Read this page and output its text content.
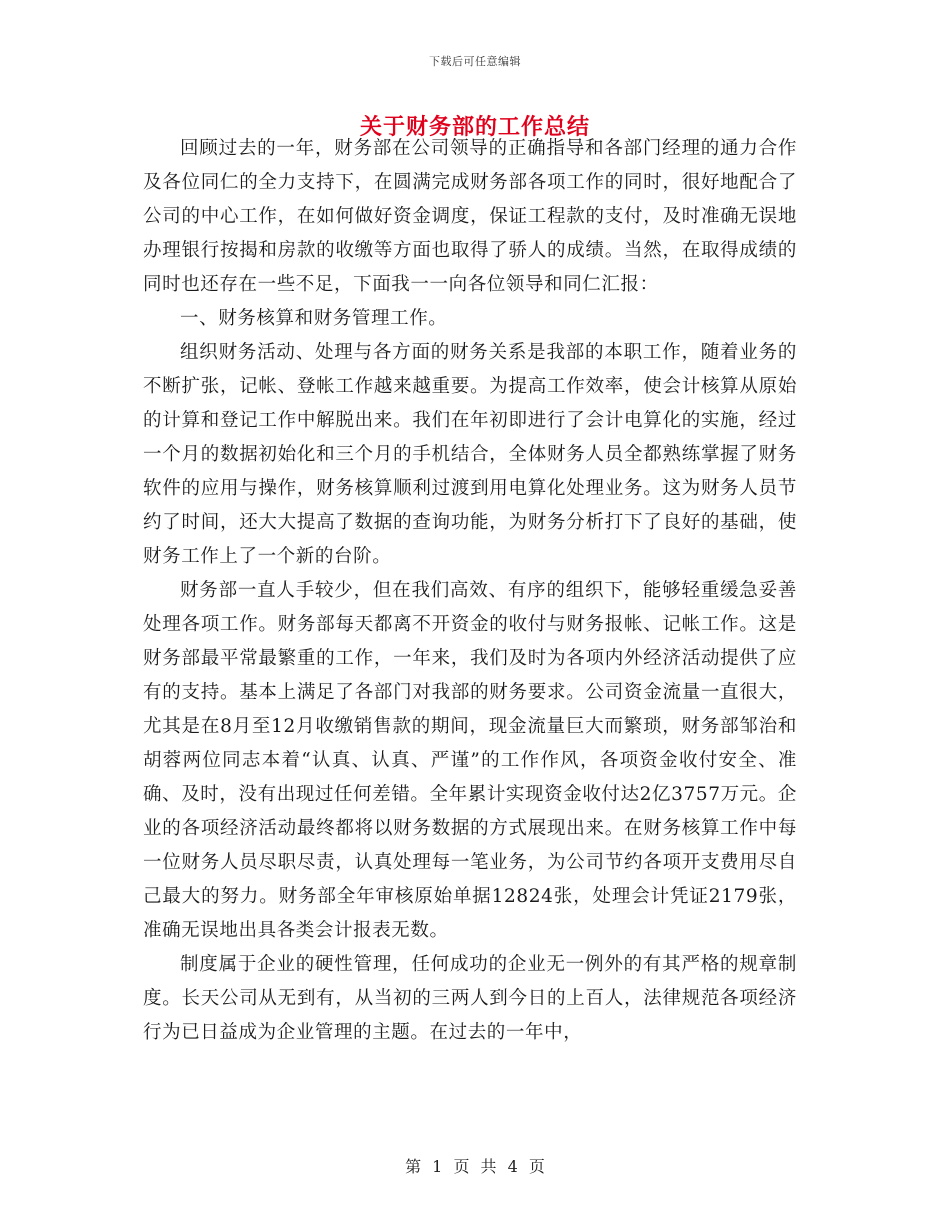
下载后可任意编辑
关于财务部的工作总结

回顾过去的一年，财务部在公司领导的正确指导和各部门经理的通力合作及各位同仁的全力支持下，在圆满完成财务部各项工作的同时，很好地配合了公司的中心工作，在如何做好资金调度，保证工程款的支付，及时准确无误地办理银行按揭和房款的收缴等方面也取得了骄人的成绩。当然，在取得成绩的同时也还存在一些不足，下面我一一向各位领导和同仁汇报：

一、财务核算和财务管理工作。

组织财务活动、处理与各方面的财务关系是我部的本职工作，随着业务的不断扩张，记帐、登帐工作越来越重要。为提高工作效率，使会计核算从原始的计算和登记工作中解脱出来。我们在年初即进行了会计电算化的实施，经过一个月的数据初始化和三个月的手机结合，全体财务人员全都熟练掌握了财务软件的应用与操作，财务核算顺利过渡到用电算化处理业务。这为财务人员节约了时间，还大大提高了数据的查询功能，为财务分析打下了良好的基础，使财务工作上了一个新的台阶。

财务部一直人手较少，但在我们高效、有序的组织下，能够轻重缓急妥善处理各项工作。财务部每天都离不开资金的收付与财务报帐、记帐工作。这是财务部最平常最繁重的工作，一年来，我们及时为各项内外经济活动提供了应有的支持。基本上满足了各部门对我部的财务要求。公司资金流量一直很大，尤其是在8月至12月收缴销售款的期间，现金流量巨大而繁琐，财务部邹治和胡蓉两位同志本着“认真、认真、严谨”的工作作风，各项资金收付安全、准确、及时，没有出现过任何差错。全年累计实现资金收付达2亿3757万元。企业的各项经济活动最终都将以财务数据的方式展现出来。在财务核算工作中每一位财务人员尽职尽责，认真处理每一笔业务，为公司节约各项开支费用尽自己最大的努力。财务部全年审核原始单据12824张，处理会计凭证2179张，准确无误地出具各类会计报表无数。

制度属于企业的硬性管理，任何成功的企业无一例外的有其严格的规章制度。长天公司从无到有，从当初的三两人到今日的上百人，法律规范各项经济行为已日益成为企业管理的主题。在过去的一年中，

第 1 页 共 4 页
